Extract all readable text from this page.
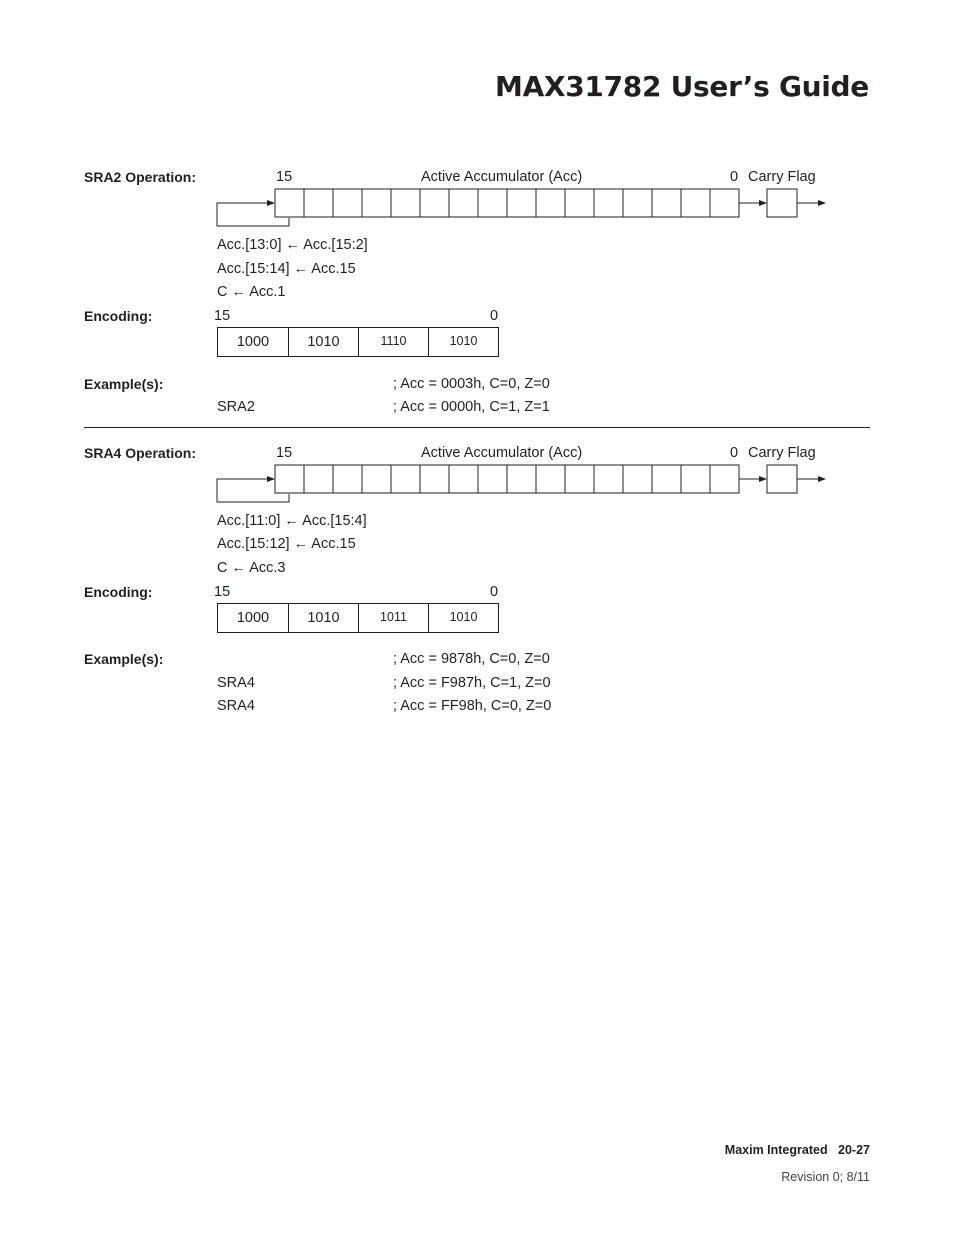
MAX31782 User’s Guide
SRA2 Operation:	15	Active Accumulator (Acc)	0 Carry Flag
Acc.[13:0] ← Acc.[15:2]
Acc.[15:14] ← Acc.15
C ← Acc.1
Encoding:	15	0
1000	1010	1110	1010
Example(s):	; Acc = 0003h, C=0, Z=0
SRA2	; Acc = 0000h, C=1, Z=1
SRA4 Operation:	15	Active Accumulator (Acc)	0 Carry Flag
Acc.[11:0] ← Acc.[15:4]
Acc.[15:12] ← Acc.15
C ← Acc.3
Encoding:	15	0
1000	1010	1011	1010
Example(s):	; Acc = 9878h, C=0, Z=0
SRA4	; Acc = F987h, C=1, Z=0
SRA4	; Acc = FF98h, C=0, Z=0
Maxim Integrated 20-27
Revision 0; 8/11
